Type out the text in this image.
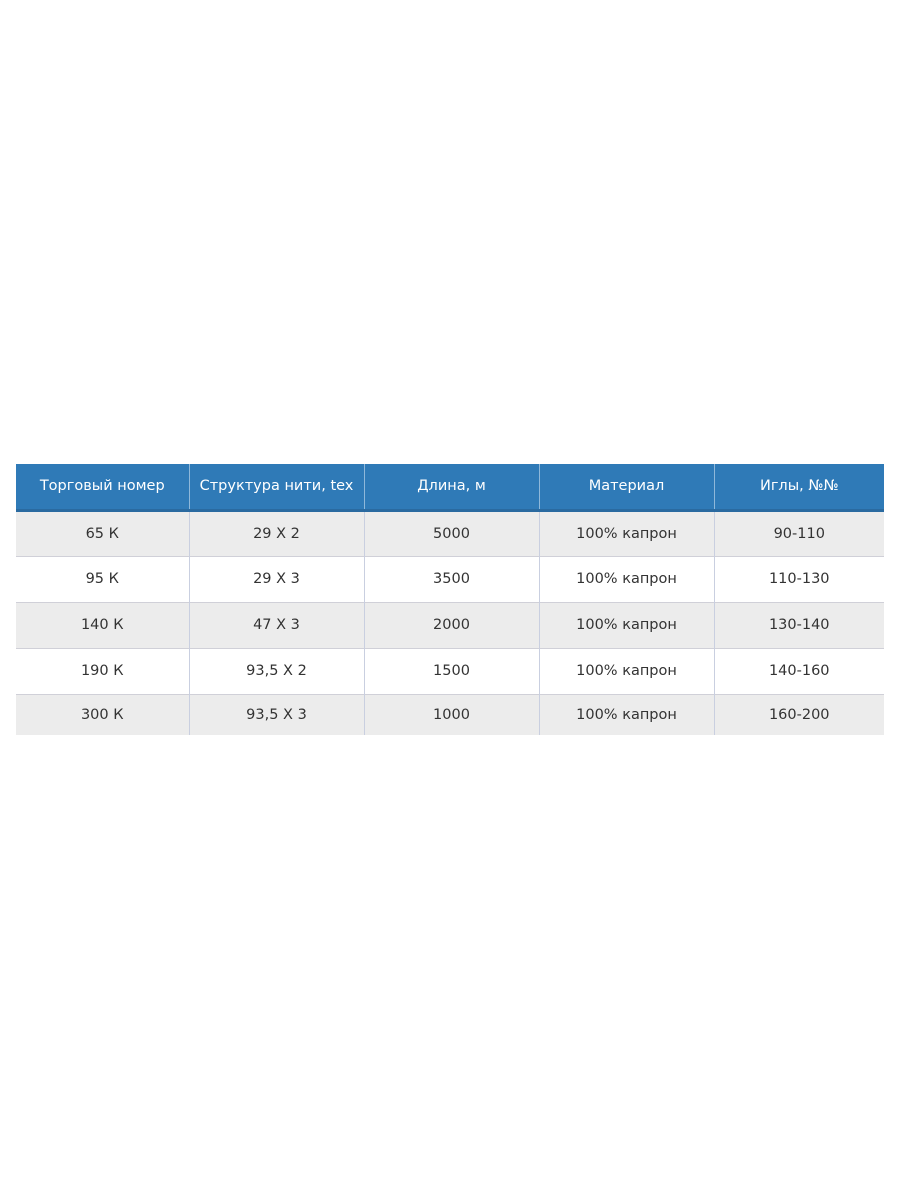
Торговый номер	Структура нити, tex	Длина, м	Материал	Иглы, №№
65 К	29 Х 2	5000	100% капрон	90-110
95 К	29 Х 3	3500	100% капрон	110-130
140 К	47 Х 3	2000	100% капрон	130-140
190 К	93,5 Х 2	1500	100% капрон	140-160
300 К	93,5 Х 3	1000	100% капрон	160-200
